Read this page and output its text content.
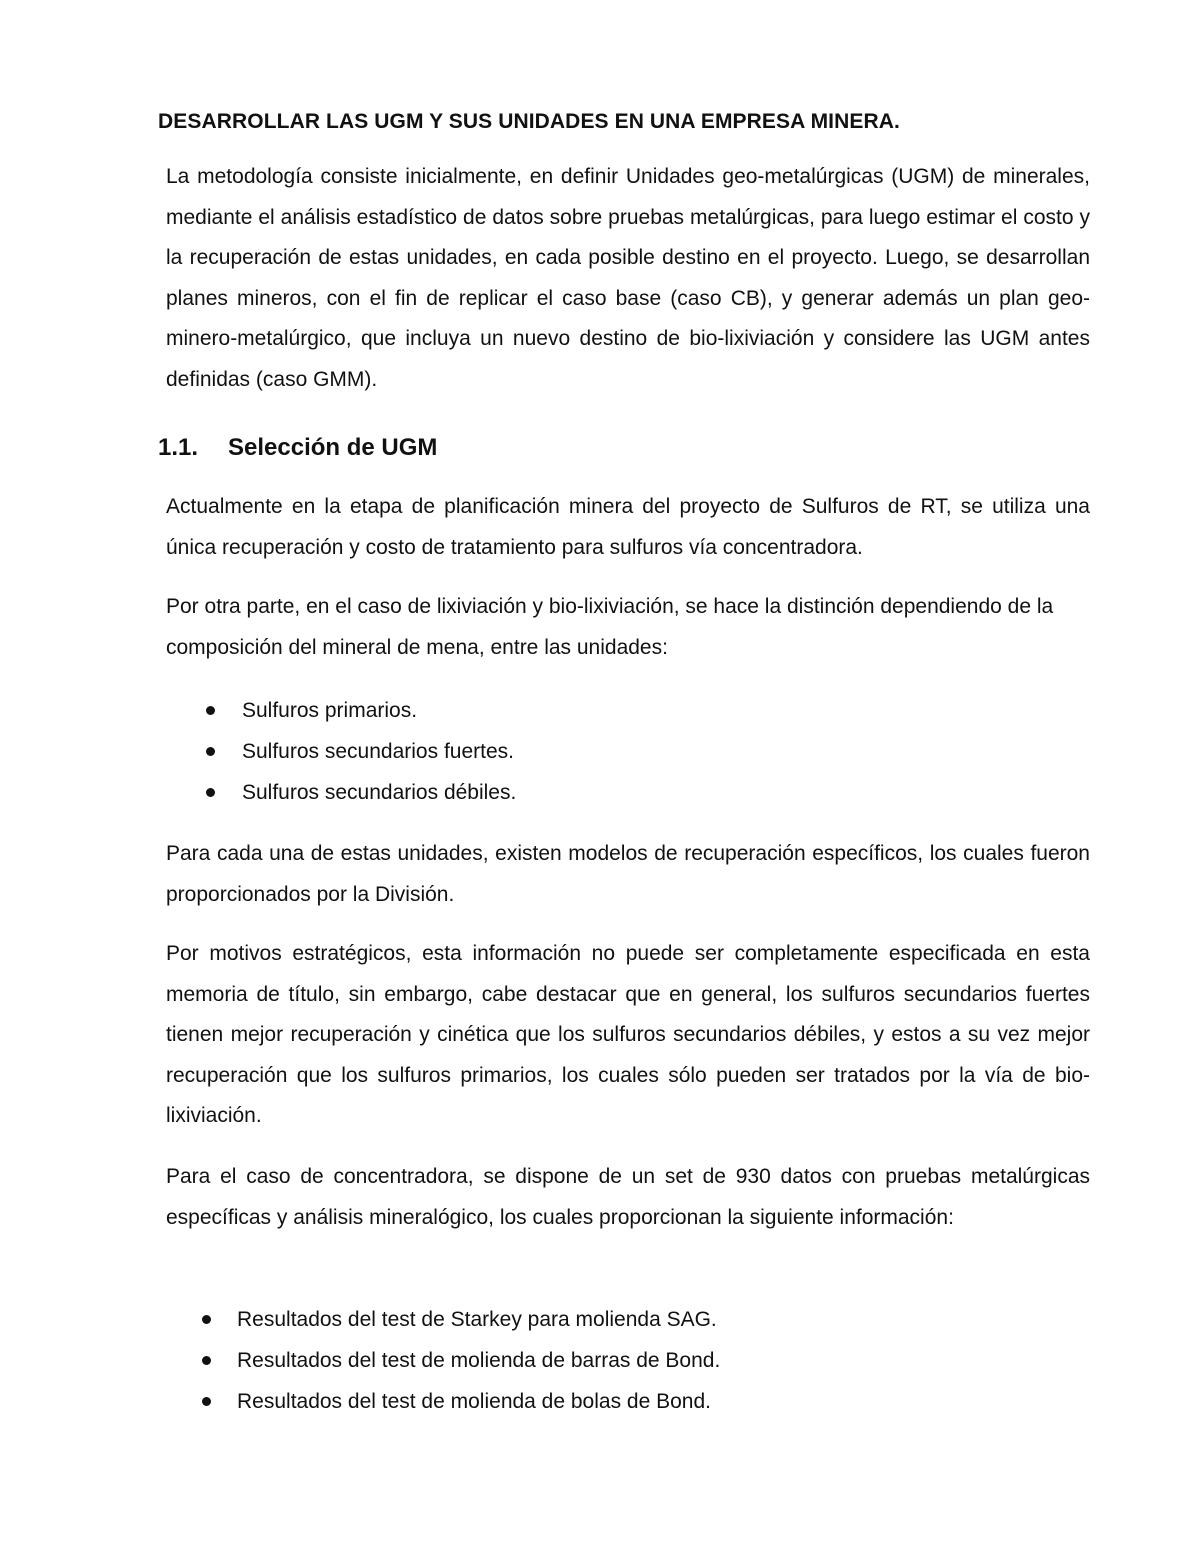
DESARROLLAR LAS UGM Y SUS UNIDADES EN UNA EMPRESA MINERA.

La metodología consiste inicialmente, en definir Unidades geo-metalúrgicas (UGM) de minerales, mediante el análisis estadístico de datos sobre pruebas metalúrgicas, para luego estimar el costo y la recuperación de estas unidades, en cada posible destino en el proyecto. Luego, se desarrollan planes mineros, con el fin de replicar el caso base (caso CB), y generar además un plan geo-minero-metalúrgico, que incluya un nuevo destino de bio-lixiviación y considere las UGM antes definidas (caso GMM).

1.1. Selección de UGM

Actualmente en la etapa de planificación minera del proyecto de Sulfuros de RT, se utiliza una única recuperación y costo de tratamiento para sulfuros vía concentradora.

Por otra parte, en el caso de lixiviación y bio-lixiviación, se hace la distinción dependiendo de la composición del mineral de mena, entre las unidades:

Sulfuros primarios.
Sulfuros secundarios fuertes.
Sulfuros secundarios débiles.

Para cada una de estas unidades, existen modelos de recuperación específicos, los cuales fueron proporcionados por la División.

Por motivos estratégicos, esta información no puede ser completamente especificada en esta memoria de título, sin embargo, cabe destacar que en general, los sulfuros secundarios fuertes tienen mejor recuperación y cinética que los sulfuros secundarios débiles, y estos a su vez mejor recuperación que los sulfuros primarios, los cuales sólo pueden ser tratados por la vía de bio-lixiviación.

Para el caso de concentradora, se dispone de un set de 930 datos con pruebas metalúrgicas específicas y análisis mineralógico, los cuales proporcionan la siguiente información:

Resultados del test de Starkey para molienda SAG.
Resultados del test de molienda de barras de Bond.
Resultados del test de molienda de bolas de Bond.
